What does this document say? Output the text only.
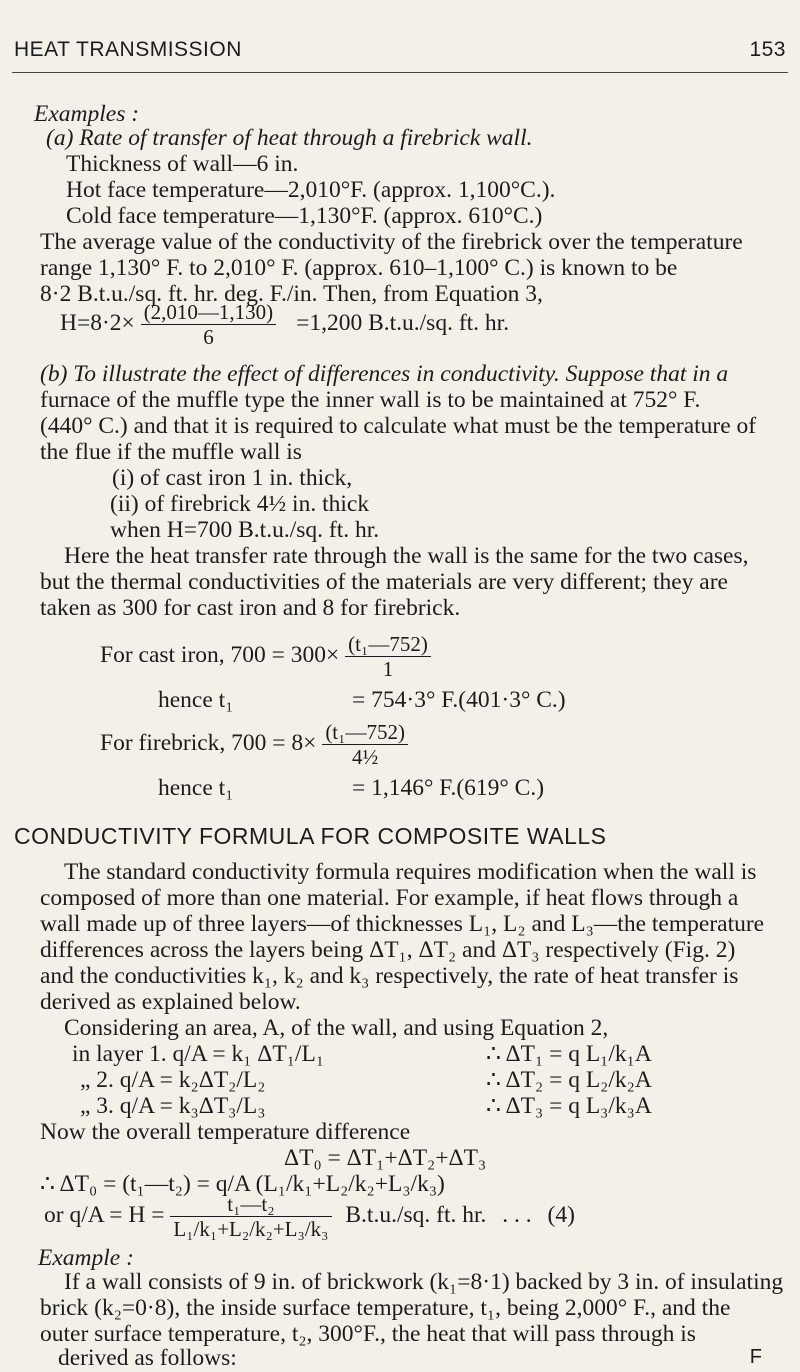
HEAT TRANSMISSION	153
Examples :
(a) Rate of transfer of heat through a firebrick wall.
Thickness of wall—6 in.
Hot face temperature—2,010°F. (approx. 1,100°C.).
Cold face temperature—1,130°F. (approx. 610°C.)
The average value of the conductivity of the firebrick over the temperature
range 1,130° F. to 2,010° F. (approx. 610–1,100° C.) is known to be
8·2 B.t.u./sq. ft. hr. deg. F./in. Then, from Equation 3,
$H=8\cdot 2\times \frac{(2,010—1,130)}{6} =1,200$ B.t.u./sq. ft. hr.
(b) To illustrate the effect of differences in conductivity. Suppose that in a
furnace of the muffle type the inner wall is to be maintained at 752° F.
(440° C.) and that it is required to calculate what must be the temperature of
the flue if the muffle wall is
(i) of cast iron 1 in. thick,
(ii) of firebrick 4½ in. thick
when H=700 B.t.u./sq. ft. hr.
Here the heat transfer rate through the wall is the same for the two cases,
but the thermal conductivities of the materials are very different; they are
taken as 300 for cast iron and 8 for firebrick.
For cast iron, $700 = 300\times \frac{\text{(t₁—752)}}{1}$
hence t₁	= 754·3° F.(401·3° C.)
For firebrick, $700 = 8\times \frac{\text{(t₁—752)}}{\text{4½}}$
hence t₁	= 1,146° F.(619° C.)
CONDUCTIVITY FORMULA FOR COMPOSITE WALLS
The standard conductivity formula requires modification when the wall is
composed of more than one material. For example, if heat flows through a
wall made up of three layers—of thicknesses L₁, L₂ and L₃—the temperature
differences across the layers being ΔT₁, ΔT₂ and ΔT₃ respectively (Fig. 2)
and the conductivities k₁, k₂ and k₃ respectively, the rate of heat transfer is
derived as explained below.
Considering an area, A, of the wall, and using Equation 2,
in layer 1. q/A = k₁ ΔT₁/L₁	∴ ΔT₁ = q L₁/k₁A
„ 2. q/A = k₂ΔT₂/L₂	∴ ΔT₂ = q L₂/k₂A
„ 3. q/A = k₃ΔT₃/L₃	∴ ΔT₃ = q L₃/k₃A
Now the overall temperature difference
ΔT₀ = ΔT₁+ΔT₂+ΔT₃
∴ ΔT₀ = (t₁—t₂) = q/A (L₁/k₁+L₂/k₂+L₃/k₃)
or $q/A = H = \frac{\text{t₁—t₂}}{\text{L₁/k₁+L₂/k₂+L₃/k₃}} B.t.u./sq$. ft. hr. . . . (4)
Example :
If a wall consists of 9 in. of brickwork (k₁=8·1) backed by 3 in. of insulating
brick (k₂=0·8), the inside surface temperature, t₁, being 2,000° F., and the
outer surface temperature, t₂, 300°F., the heat that will pass through is
derived as follows:	F
